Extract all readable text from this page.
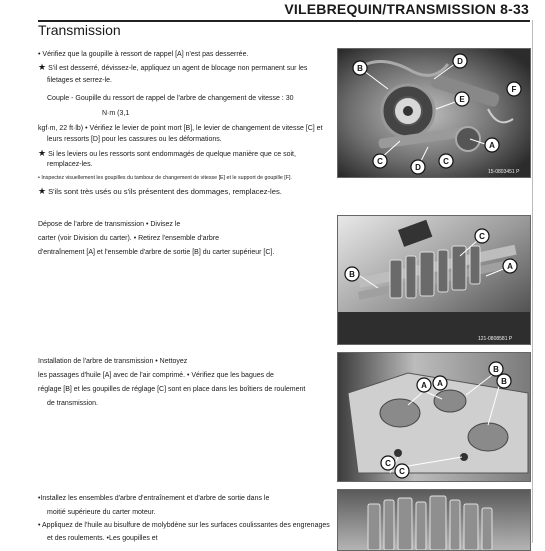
VILEBREQUIN/TRANSMISSION 8-33
Transmission
• Vérifiez que la goupille à ressort de rappel [A] n'est pas desserrée.
★ S'il est desserré, dévissez-le, appliquez un agent de blocage non permanent sur les
filetages et serrez-le.
Couple - Goupille du ressort de rappel de l'arbre de changement de vitesse : 30
N·m (3,1
kgf·m, 22 ft·lb) • Vérifiez le levier de point mort [B], le levier de changement de vitesse [C] et
leurs ressorts [D] pour les cassures ou les déformations.
★ Si les leviers ou les ressorts sont endommagés de quelque manière que ce soit,
remplacez-les.
• Inspectez visuellement les goupilles du tambour de changement de vitesse [E] et le support de goupille [F].
★ S'ils sont très usés ou s'ils présentent des dommages, remplacez-les.
B
D
E
A
C
D
C
F
15-0803451 P
Dépose de l'arbre de transmission • Divisez le
carter (voir Division du carter). • Retirez l'ensemble d'arbre
d'entraînement [A] et l'ensemble d'arbre de sortie [B] du carter supérieur [C].
C
A
B
121-0808581 P
Installation de l'arbre de transmission • Nettoyez
les passages d'huile [A] avec de l'air comprimé. • Vérifiez que les bagues de
réglage [B] et les goupilles de réglage [C] sont en place dans les boîtiers de roulement
de transmission.
A A
B
B
C
C
•Installez les ensembles d'arbre d'entraînement et d'arbre de sortie dans le
moitié supérieure du carter moteur.
• Appliquez de l'huile au bisulfure de molybdène sur les surfaces coulissantes des engrenages
et des roulements. •Les goupilles et
